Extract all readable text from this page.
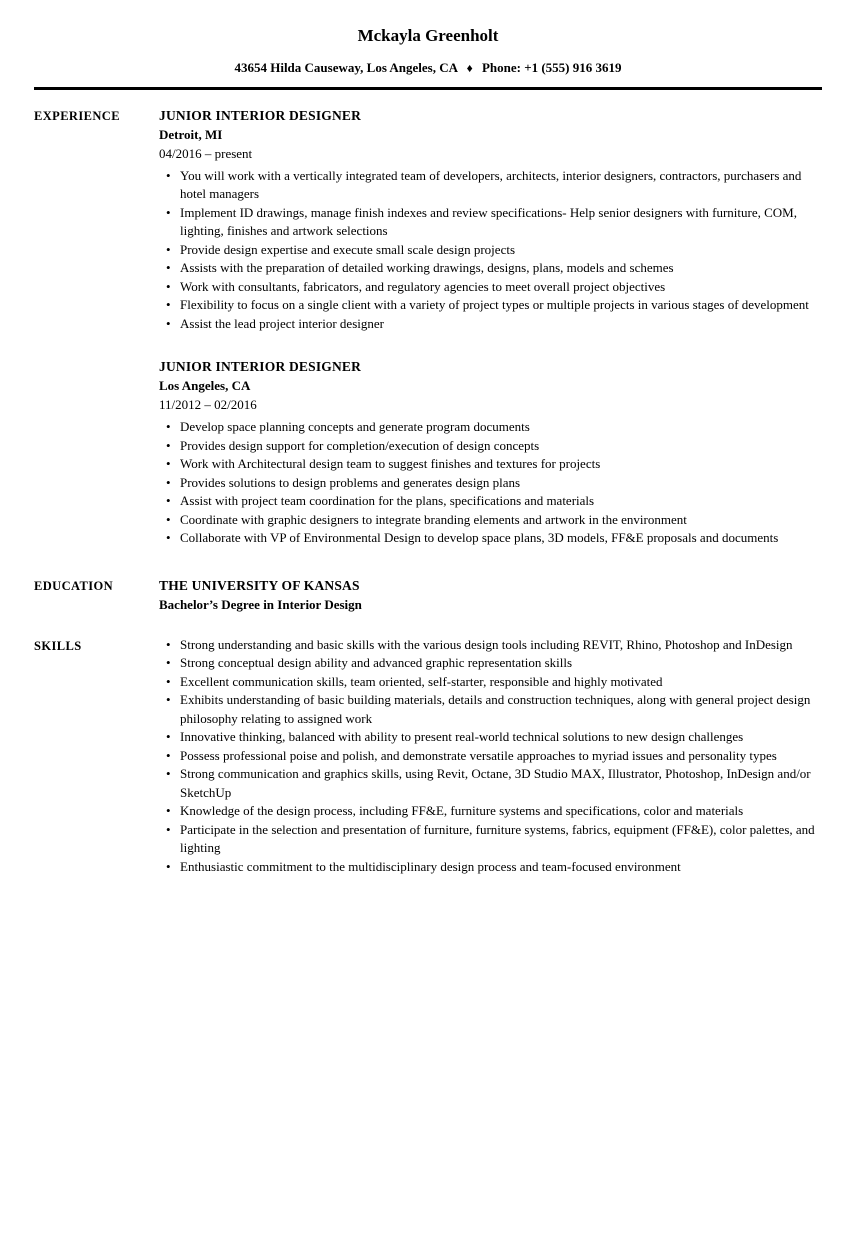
Mckayla Greenholt

43654 Hilda Causeway, Los Angeles, CA ♦ Phone: +1 (555) 916 3619

EXPERIENCE	JUNIOR INTERIOR DESIGNER
Detroit, MI
04/2016 – present
• You will work with a vertically integrated team of developers, architects, interior designers, contractors, purchasers and hotel managers
• Implement ID drawings, manage finish indexes and review specifications- Help senior designers with furniture, COM, lighting, finishes and artwork selections
• Provide design expertise and execute small scale design projects
• Assists with the preparation of detailed working drawings, designs, plans, models and schemes
• Work with consultants, fabricators, and regulatory agencies to meet overall project objectives
• Flexibility to focus on a single client with a variety of project types or multiple projects in various stages of development
• Assist the lead project interior designer
JUNIOR INTERIOR DESIGNER
Los Angeles, CA
11/2012 – 02/2016
• Develop space planning concepts and generate program documents
• Provides design support for completion/execution of design concepts
• Work with Architectural design team to suggest finishes and textures for projects
• Provides solutions to design problems and generates design plans
• Assist with project team coordination for the plans, specifications and materials
• Coordinate with graphic designers to integrate branding elements and artwork in the environment
• Collaborate with VP of Environmental Design to develop space plans, 3D models, FF&E proposals and documents
EDUCATION	THE UNIVERSITY OF KANSAS
Bachelor’s Degree in Interior Design
SKILLS	• Strong understanding and basic skills with the various design tools including REVIT, Rhino, Photoshop and InDesign
• Strong conceptual design ability and advanced graphic representation skills
• Excellent communication skills, team oriented, self-starter, responsible and highly motivated
• Exhibits understanding of basic building materials, details and construction techniques, along with general project design philosophy relating to assigned work
• Innovative thinking, balanced with ability to present real-world technical solutions to new design challenges
• Possess professional poise and polish, and demonstrate versatile approaches to myriad issues and personality types
• Strong communication and graphics skills, using Revit, Octane, 3D Studio MAX, Illustrator, Photoshop, InDesign and/or SketchUp
• Knowledge of the design process, including FF&E, furniture systems and specifications, color and materials
• Participate in the selection and presentation of furniture, furniture systems, fabrics, equipment (FF&E), color palettes, and lighting
• Enthusiastic commitment to the multidisciplinary design process and team-focused environment
